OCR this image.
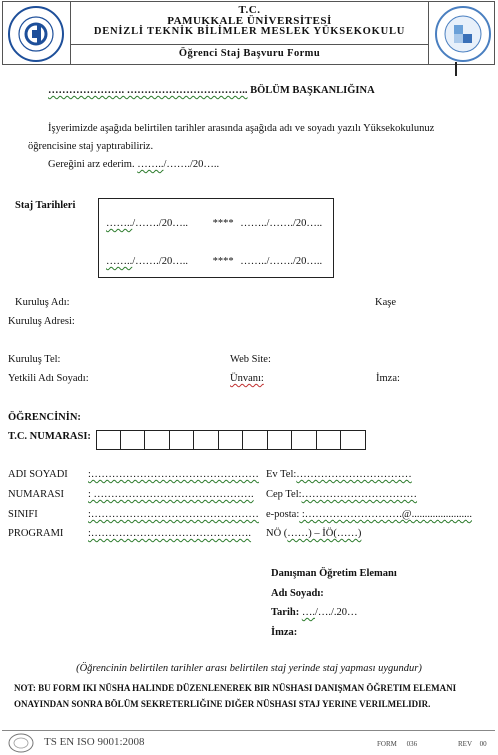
T.C.
PAMUKKALE ÜNİVERSİTESİ
DENİZLİ TEKNİK BİLİMLER MESLEK YÜKSEKOKULU
Öğrenci Staj Başvuru Formu
…………………. …………………………….. BÖLÜM BAŞKANLIĞINA
İşyerimizde aşağıda belirtilen tarihler arasında aşağıda adı ve soyadı yazılı Yüksekokulunuz
öğrencisine staj yaptırabiliriz.
Gereğini arz ederim. ……../……./20…..
Staj Tarihleri
……../……./20….. **** ……../……./20…..
……../……./20….. **** ……../……./20…..
Kuruluş Adı:	Kaşe
Kuruluş Adresi:
Kuruluş Tel:	Web Site:
Yetkili Adı Soyadı:	Ünvanı:	İmza:
ÖĞRENCİNİN:
T.C. NUMARASI:
ADI SOYADI :………………………………………… Ev Tel:……………………………
NUMARASI : ………………………………………. Cep Tel:……………………………
SINIFI	:………………………………………… e-posta: :……………………….@.......................
PROGRAMI :………………………………………. NÖ (……) – İÖ(……)
Danışman Öğretim Elemanı
Adı Soyadı:
Tarih: …./…./.20…
İmza:
(Öğrencinin belirtilen tarihler arası belirtilen staj yerinde staj yapması uygundur)
NOT: BU FORM IKI NÜSHA HALINDE DÜZENLENEREK BIR NÜSHASI DANIŞMAN ÖĞRETIM ELEMANI
ONAYINDAN SONRA BÖLÜM SEKRETERLIĞINE DIĞER NÜSHASI STAJ YERINE VERILMELIDIR.
TS EN ISO 9001:2008	FORM 036	REV 00
